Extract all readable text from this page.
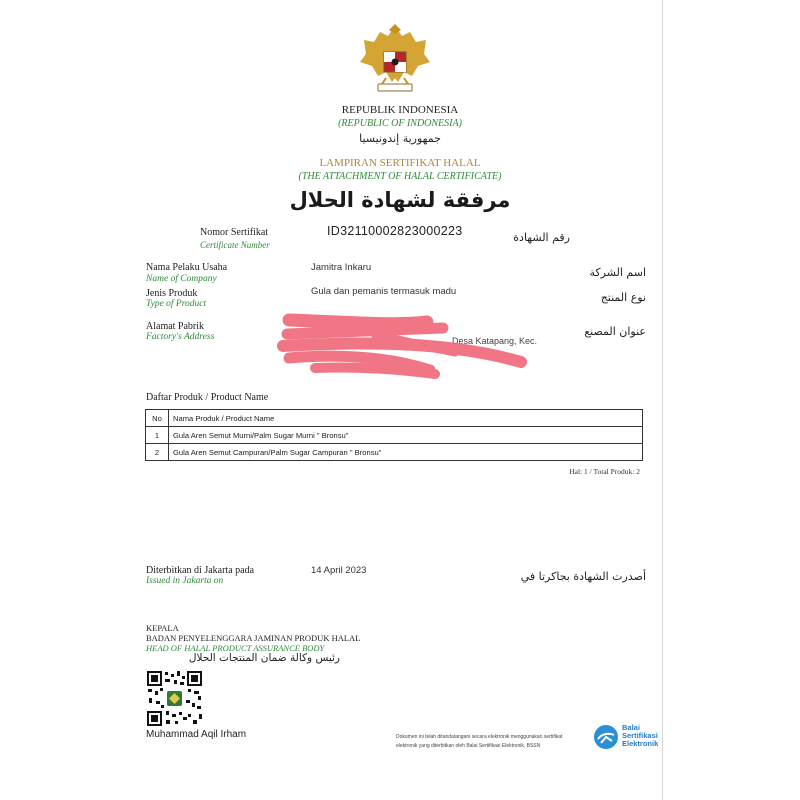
REPUBLIK INDONESIA
(REPUBLIC OF INDONESIA)
جمهورية إندونيسيا
LAMPIRAN SERTIFIKAT HALAL
(THE ATTACHMENT OF HALAL CERTIFICATE)
مرفقة لشهادة الحلال
Nomor Sertifikat
Certificate Number
ID32110002823000223	رقم الشهادة
Nama Pelaku Usaha
Name of Company
Jamitra Inkaru	اسم الشركة
Jenis Produk
Type of Product
Gula dan pemanis termasuk madu	نوع المنتج
Alamat Pabrik
Factory's Address	Desa Katapang, Kec.
عنوان المصنع
Daftar Produk / Product Name
No	Nama Produk / Product Name
1	Gula Aren Semut Murni/Palm Sugar Murni " Bronsu"
2	Gula Aren Semut Campuran/Palm Sugar Campuran " Bronsu"
Hal: 1 / Total Produk: 2
Diterbitkan di Jakarta pada
Issued in Jakarta on
14 April 2023	أصدرت الشهادة بجاكرتا في
KEPALA
BADAN PENYELENGGARA JAMINAN PRODUK HALAL
HEAD OF HALAL PRODUCT ASSURANCE BODY
رئيس وكالة ضمان المنتجات الحلال
Muhammad Aqil Irham	Dokumen ini telah ditandatangani secara elektronik menggunakan sertifikat
elektronik yang diterbitkan oleh Balai Sertifikasi Elektronik, BSSN
Balai
Sertifikasi
Elektronik
